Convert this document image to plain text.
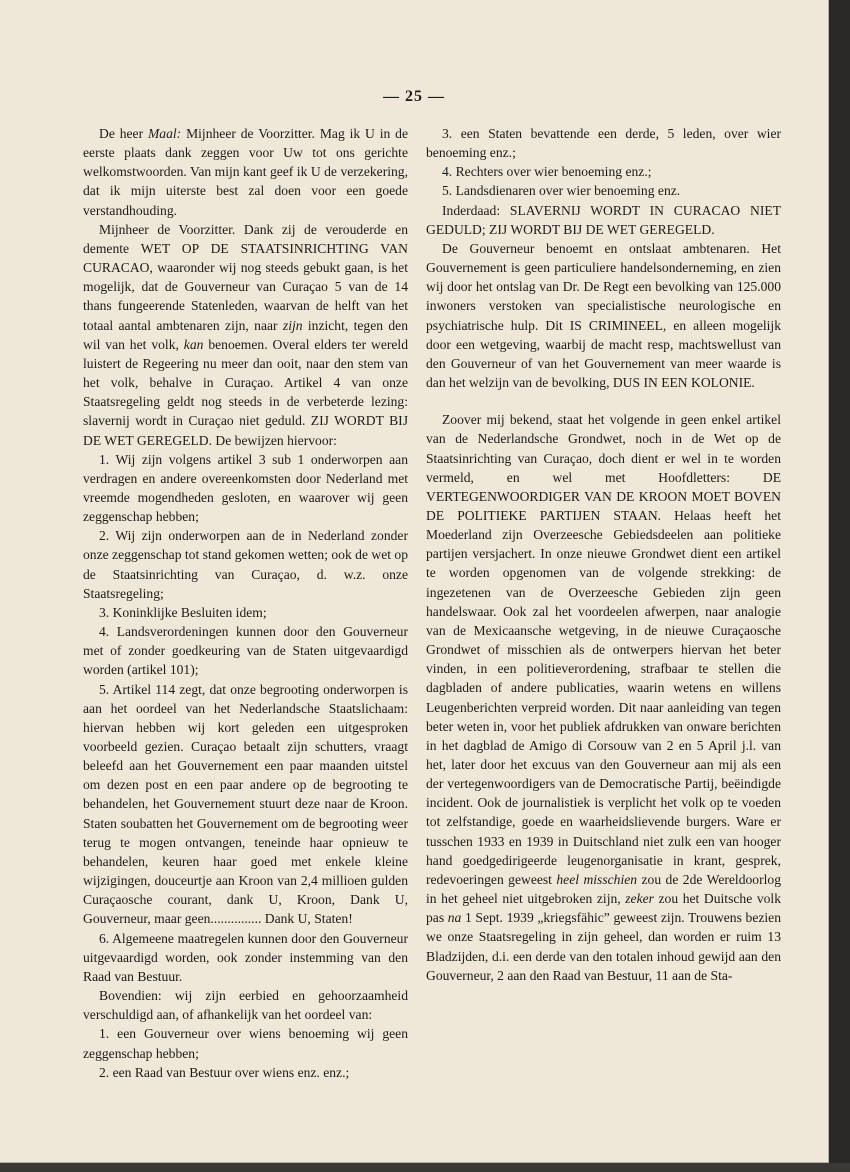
— 25 —

De heer Maal: Mijnheer de Voorzitter. Mag ik U in de eerste plaats dank zeggen voor Uw tot ons gerichte welkomstwoorden. Van mijn kant geef ik U de verzekering, dat ik mijn uiterste best zal doen voor een goede verstandhouding.

Mijnheer de Voorzitter. Dank zij de verouderde en demente WET OP DE STAATSINRICHTING VAN CURACAO, waaronder wij nog steeds gebukt gaan, is het mogelijk, dat de Gouverneur van Curaçao 5 van de 14 thans fungeerende Statenleden, waarvan de helft van het totaal aantal ambtenaren zijn, naar zijn inzicht, tegen den wil van het volk, kan benoemen. Overal elders ter wereld luistert de Regeering nu meer dan ooit, naar den stem van het volk, behalve in Curaçao. Artikel 4 van onze Staatsregeling geldt nog steeds in de verbeterde lezing: slavernij wordt in Curaçao niet geduld. ZIJ WORDT BIJ DE WET GEREGELD. De bewijzen hiervoor:

1. Wij zijn volgens artikel 3 sub 1 onderworpen aan verdragen en andere overeenkomsten door Nederland met vreemde mogendheden gesloten, en waarover wij geen zeggenschap hebben;

2. Wij zijn onderworpen aan de in Nederland zonder onze zeggenschap tot stand gekomen wetten; ook de wet op de Staatsinrichting van Curaçao, d. w.z. onze Staatsregeling;

3. Koninklijke Besluiten idem;

4. Landsverordeningen kunnen door den Gouverneur met of zonder goedkeuring van de Staten uitgevaardigd worden (artikel 101);

5. Artikel 114 zegt, dat onze begrooting onderworpen is aan het oordeel van het Nederlandsche Staatslichaam: hiervan hebben wij kort geleden een uitgesproken voorbeeld gezien. Curaçao betaalt zijn schutters, vraagt beleefd aan het Gouvernement een paar maanden uitstel om dezen post en een paar andere op de begrooting te behandelen, het Gouvernement stuurt deze naar de Kroon. Staten soubatten het Gouvernement om de begrooting weer terug te mogen ontvangen, teneinde haar opnieuw te behandelen, keuren haar goed met enkele kleine wijzigingen, douceurtje aan Kroon van 2,4 millioen gulden Curaçaosche courant, dank U, Kroon, Dank U, Gouverneur, maar geen............... Dank U, Staten!

6. Algemeene maatregelen kunnen door den Gouverneur uitgevaardigd worden, ook zonder instemming van den Raad van Bestuur.

Bovendien: wij zijn eerbied en gehoorzaamheid verschuldigd aan, of afhankelijk van het oordeel van:

1. een Gouverneur over wiens benoeming wij geen zeggenschap hebben;

2. een Raad van Bestuur over wiens enz. enz.;

3. een Staten bevattende een derde, 5 leden, over wier benoeming enz.;

4. Rechters over wier benoeming enz.;

5. Landsdienaren over wier benoeming enz.

Inderdaad: SLAVERNIJ WORDT IN CURACAO NIET GEDULD; ZIJ WORDT BIJ DE WET GEREGELD.

De Gouverneur benoemt en ontslaat ambtenaren. Het Gouvernement is geen particuliere handelsonderneming, en zien wij door het ontslag van Dr. De Regt een bevolking van 125.000 inwoners verstoken van specialistische neurologische en psychiatrische hulp. Dit IS CRIMINEEL, en alleen mogelijk door een wetgeving, waarbij de macht resp, machtswellust van den Gouverneur of van het Gouvernement van meer waarde is dan het welzijn van de bevolking, DUS IN EEN KOLONIE.

Zoover mij bekend, staat het volgende in geen enkel artikel van de Nederlandsche Grondwet, noch in de Wet op de Staatsinrichting van Curaçao, doch dient er wel in te worden vermeld, en wel met Hoofdletters: DE VERTEGENWOORDIGER VAN DE KROON MOET BOVEN DE POLITIEKE PARTIJEN STAAN. Helaas heeft het Moederland zijn Overzeesche Gebiedsdeelen aan politieke partijen versjachert. In onze nieuwe Grondwet dient een artikel te worden opgenomen van de volgende strekking: de ingezetenen van de Overzeesche Gebieden zijn geen handelswaar. Ook zal het voordeelen afwerpen, naar analogie van de Mexicaansche wetgeving, in de nieuwe Curaçaosche Grondwet of misschien als de ontwerpers hiervan het beter vinden, in een politieverordening, strafbaar te stellen die dagbladen of andere publicaties, waarin wetens en willens Leugenberichten verpreid worden. Dit naar aanleiding van tegen beter weten in, voor het publiek afdrukken van onware berichten in het dagblad de Amigo di Corsouw van 2 en 5 April j.l. van het, later door het excuus van den Gouverneur aan mij als een der vertegenwoordigers van de Democratische Partij, beëindigde incident. Ook de journalistiek is verplicht het volk op te voeden tot zelfstandige, goede en waarheidslievende burgers. Ware er tusschen 1933 en 1939 in Duitschland niet zulk een van hooger hand goedgedirigeerde leugenorganisatie in krant, gesprek, redevoeringen geweest heel misschien zou de 2de Wereldoorlog in het geheel niet uitgebroken zijn, zeker zou het Duitsche volk pas na 1 Sept. 1939 „kriegsfähic” geweest zijn. Trouwens bezien we onze Staatsregeling in zijn geheel, dan worden er ruim 13 Bladzijden, d.i. een derde van den totalen inhoud gewijd aan den Gouverneur, 2 aan den Raad van Bestuur, 11 aan de Sta-
